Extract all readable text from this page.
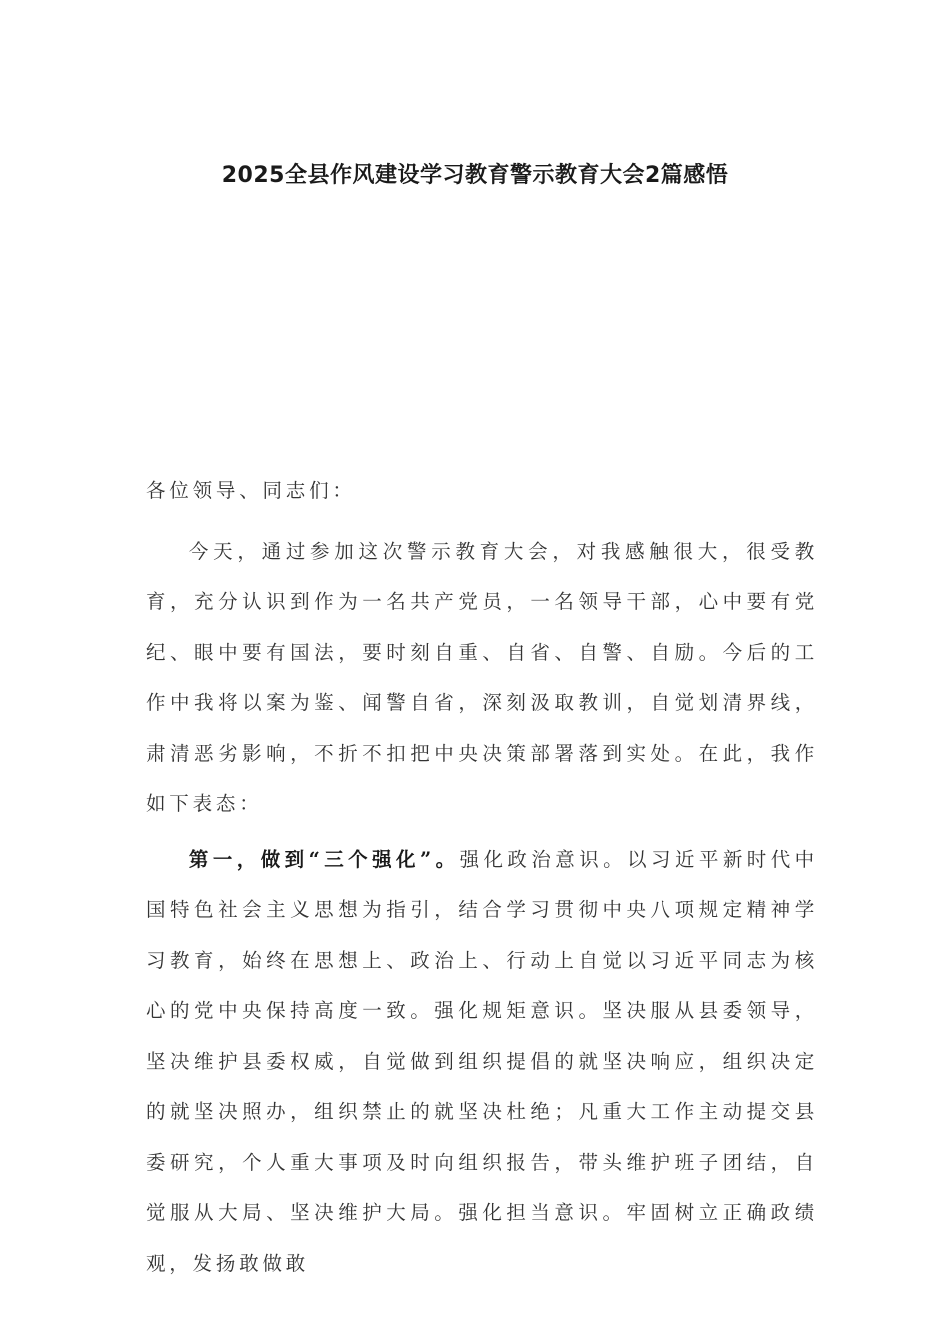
2025全县作风建设学习教育警示教育大会2篇感悟

各位领导、同志们：

今天，通过参加这次警示教育大会，对我感触很大，很受教育，充分认识到作为一名共产党员，一名领导干部，心中要有党纪、眼中要有国法，要时刻自重、自省、自警、自励。今后的工作中我将以案为鉴、闻警自省，深刻汲取教训，自觉划清界线，肃清恶劣影响，不折不扣把中央决策部署落到实处。在此，我作如下表态：

第一，做到“三个强化”。强化政治意识。以习近平新时代中国特色社会主义思想为指引，结合学习贯彻中央八项规定精神学习教育，始终在思想上、政治上、行动上自觉以习近平同志为核心的党中央保持高度一致。强化规矩意识。坚决服从县委领导，坚决维护县委权威，自觉做到组织提倡的就坚决响应，组织决定的就坚决照办，组织禁止的就坚决杜绝；凡重大工作主动提交县委研究，个人重大事项及时向组织报告，带头维护班子团结，自觉服从大局、坚决维护大局。强化担当意识。牢固树立正确政绩观，发扬敢做敢
